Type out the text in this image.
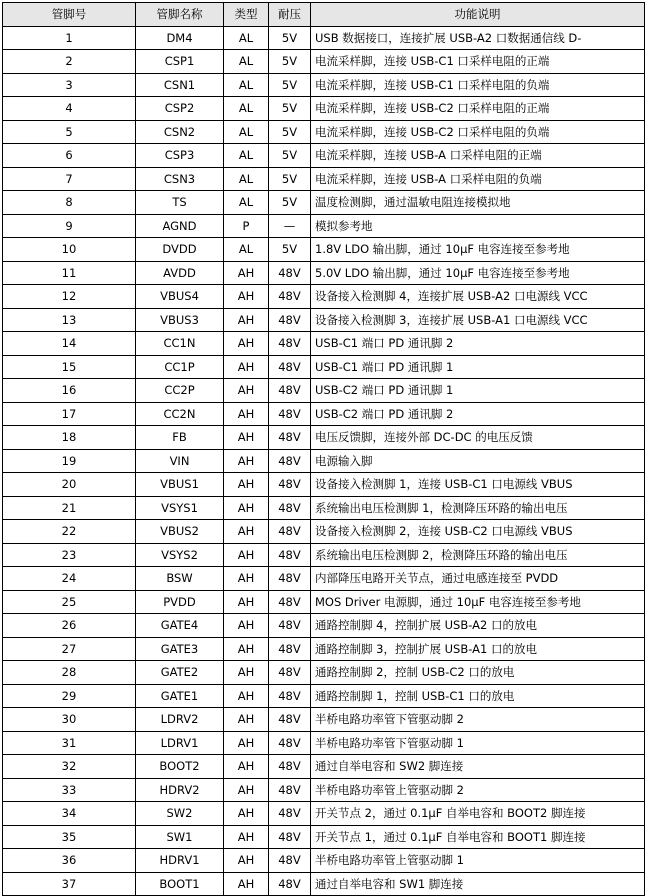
管脚号	管脚名称	类型	耐压	功能说明
1	DM4	AL	5V	USB 数据接口，连接扩展 USB-A2 口数据通信线 D-
2	CSP1	AL	5V	电流采样脚，连接 USB-C1 口采样电阻的正端
3	CSN1	AL	5V	电流采样脚，连接 USB-C1 口采样电阻的负端
4	CSP2	AL	5V	电流采样脚，连接 USB-C2 口采样电阻的正端
5	CSN2	AL	5V	电流采样脚，连接 USB-C2 口采样电阻的负端
6	CSP3	AL	5V	电流采样脚，连接 USB-A 口采样电阻的正端
7	CSN3	AL	5V	电流采样脚，连接 USB-A 口采样电阻的负端
8	TS	AL	5V	温度检测脚，通过温敏电阻连接模拟地
9	AGND	P	—	模拟参考地
10	DVDD	AL	5V	1.8V LDO 输出脚，通过 10µF 电容连接至参考地
11	AVDD	AH	48V	5.0V LDO 输出脚，通过 10µF 电容连接至参考地
12	VBUS4	AH	48V	设备接入检测脚 4，连接扩展 USB-A2 口电源线 VCC
13	VBUS3	AH	48V	设备接入检测脚 3，连接扩展 USB-A1 口电源线 VCC
14	CC1N	AH	48V	USB-C1 端口 PD 通讯脚 2
15	CC1P	AH	48V	USB-C1 端口 PD 通讯脚 1
16	CC2P	AH	48V	USB-C2 端口 PD 通讯脚 1
17	CC2N	AH	48V	USB-C2 端口 PD 通讯脚 2
18	FB	AH	48V	电压反馈脚，连接外部 DC-DC 的电压反馈
19	VIN	AH	48V	电源输入脚
20	VBUS1	AH	48V	设备接入检测脚 1，连接 USB-C1 口电源线 VBUS
21	VSYS1	AH	48V	系统输出电压检测脚 1，检测降压环路的输出电压
22	VBUS2	AH	48V	设备接入检测脚 2，连接 USB-C2 口电源线 VBUS
23	VSYS2	AH	48V	系统输出电压检测脚 2，检测降压环路的输出电压
24	BSW	AH	48V	内部降压电路开关节点，通过电感连接至 PVDD
25	PVDD	AH	48V	MOS Driver 电源脚，通过 10µF 电容连接至参考地
26	GATE4	AH	48V	通路控制脚 4，控制扩展 USB-A2 口的放电
27	GATE3	AH	48V	通路控制脚 3，控制扩展 USB-A1 口的放电
28	GATE2	AH	48V	通路控制脚 2，控制 USB-C2 口的放电
29	GATE1	AH	48V	通路控制脚 1，控制 USB-C1 口的放电
30	LDRV2	AH	48V	半桥电路功率管下管驱动脚 2
31	LDRV1	AH	48V	半桥电路功率管下管驱动脚 1
32	BOOT2	AH	48V	通过自举电容和 SW2 脚连接
33	HDRV2	AH	48V	半桥电路功率管上管驱动脚 2
34	SW2	AH	48V	开关节点 2，通过 0.1µF 自举电容和 BOOT2 脚连接
35	SW1	AH	48V	开关节点 1，通过 0.1µF 自举电容和 BOOT1 脚连接
36	HDRV1	AH	48V	半桥电路功率管上管驱动脚 1
37	BOOT1	AH	48V	通过自举电容和 SW1 脚连接
